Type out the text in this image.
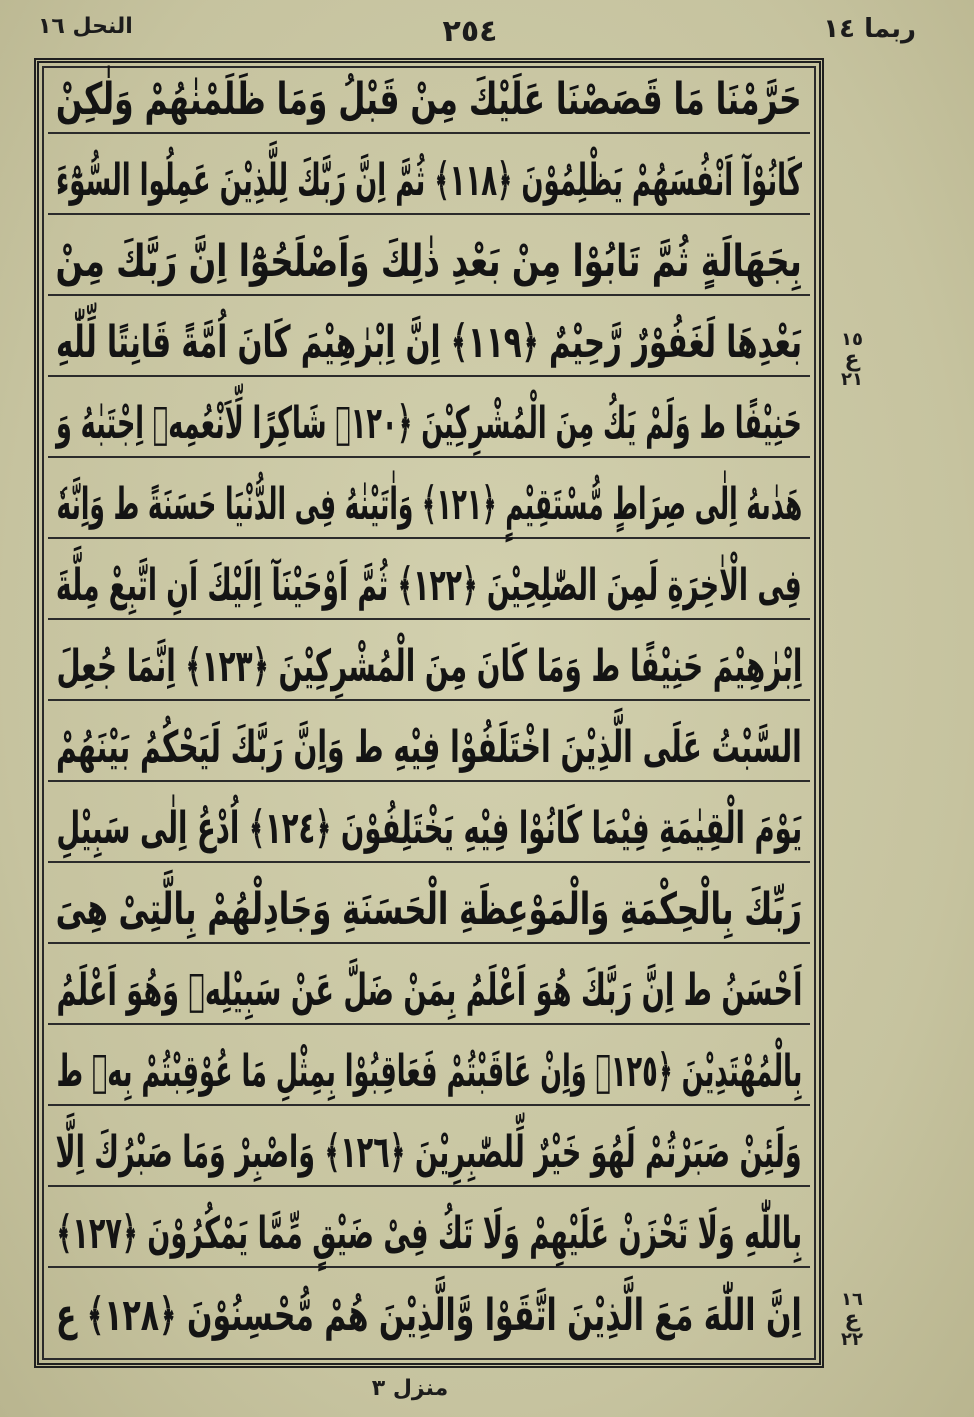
ربما ١٤
٢٥٤
النحل ١٦
حَرَّمْنَا مَا قَصَصْنَا عَلَيْكَ مِنْ قَبْلُ وَمَا ظَلَمْنٰهُمْ وَلٰكِنْ
كَانُوْآ اَنْفُسَهُمْ يَظْلِمُوْنَ ﴿١١٨﴾ ثُمَّ اِنَّ رَبَّكَ لِلَّذِيْنَ عَمِلُوا السُّوْٓءَ
بِجَهَالَةٍ ثُمَّ تَابُوْا مِنْ بَعْدِ ذٰلِكَ وَاَصْلَحُوْٓا اِنَّ رَبَّكَ مِنْ
بَعْدِهَا لَغَفُوْرٌ رَّحِيْمٌ ﴿١١٩﴾ اِنَّ اِبْرٰهِيْمَ كَانَ اُمَّةً قَانِتًا لِّلّٰهِ
حَنِيْفًا ط وَلَمْ يَكُ مِنَ الْمُشْرِكِيْنَ ﴿١٢٠﴾ شَاكِرًا لِّاَنْعُمِهٖ اِجْتَبٰهُ وَ
هَدٰىهُ اِلٰى صِرَاطٍ مُّسْتَقِيْمٍ ﴿١٢١﴾ وَاٰتَيْنٰهُ فِى الدُّنْيَا حَسَنَةً ط وَاِنَّهٗ
فِى الْاٰخِرَةِ لَمِنَ الصّٰلِحِيْنَ ﴿١٢٢﴾ ثُمَّ اَوْحَيْنَآ اِلَيْكَ اَنِ اتَّبِعْ مِلَّةَ
اِبْرٰهِيْمَ حَنِيْفًا ط وَمَا كَانَ مِنَ الْمُشْرِكِيْنَ ﴿١٢٣﴾ اِنَّمَا جُعِلَ
السَّبْتُ عَلَى الَّذِيْنَ اخْتَلَفُوْا فِيْهِ ط وَاِنَّ رَبَّكَ لَيَحْكُمُ بَيْنَهُمْ
يَوْمَ الْقِيٰمَةِ فِيْمَا كَانُوْا فِيْهِ يَخْتَلِفُوْنَ ﴿١٢٤﴾ اُدْعُ اِلٰى سَبِيْلِ
رَبِّكَ بِالْحِكْمَةِ وَالْمَوْعِظَةِ الْحَسَنَةِ وَجَادِلْهُمْ بِالَّتِىْ هِىَ
اَحْسَنُ ط اِنَّ رَبَّكَ هُوَ اَعْلَمُ بِمَنْ ضَلَّ عَنْ سَبِيْلِهٖ وَهُوَ اَعْلَمُ
بِالْمُهْتَدِيْنَ ﴿١٢٥﴾ وَاِنْ عَاقَبْتُمْ فَعَاقِبُوْا بِمِثْلِ مَا عُوْقِبْتُمْ بِهٖ ط
وَلَئِنْ صَبَرْتُمْ لَهُوَ خَيْرٌ لِّلصّٰبِرِيْنَ ﴿١٢٦﴾ وَاصْبِرْ وَمَا صَبْرُكَ اِلَّا
بِاللّٰهِ وَلَا تَحْزَنْ عَلَيْهِمْ وَلَا تَكُ فِىْ ضَيْقٍ مِّمَّا يَمْكُرُوْنَ ﴿١٢٧﴾
اِنَّ اللّٰهَ مَعَ الَّذِيْنَ اتَّقَوْا وَّالَّذِيْنَ هُمْ مُّحْسِنُوْنَ ﴿١٢٨﴾ ع
١٥
ع
٢١
١٦
ع
٢٢
منزل ٣
